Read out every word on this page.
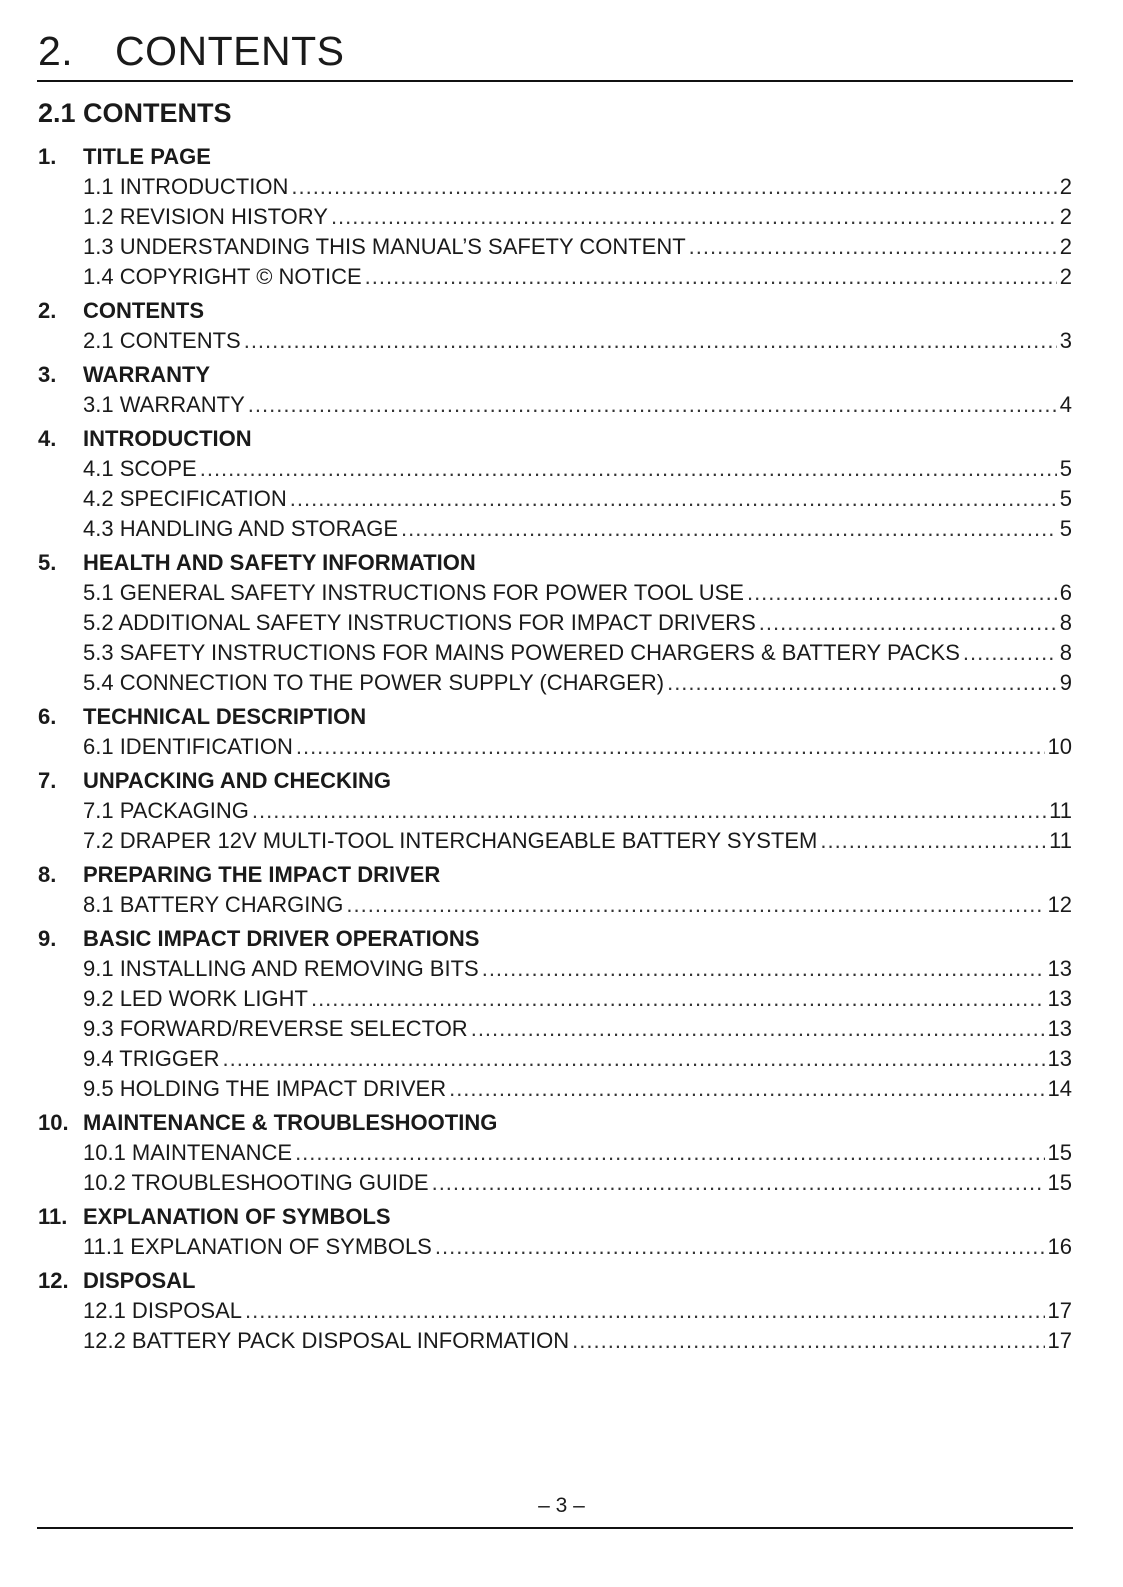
2. CONTENTS
2.1 CONTENTS
1.	TITLE PAGE
1.1 INTRODUCTION .....	2
1.2 REVISION HISTORY .....	2
1.3 UNDERSTANDING THIS MANUAL’S SAFETY CONTENT .....	2
1.4 COPYRIGHT © NOTICE .....	2
2.	CONTENTS
2.1 CONTENTS .....	3
3.	WARRANTY
3.1 WARRANTY .....	4
4.	INTRODUCTION
4.1 SCOPE .....	5
4.2 SPECIFICATION .....	5
4.3 HANDLING AND STORAGE .....	5
5.	HEALTH AND SAFETY INFORMATION
5.1 GENERAL SAFETY INSTRUCTIONS FOR POWER TOOL USE .....	6
5.2 ADDITIONAL SAFETY INSTRUCTIONS FOR IMPACT DRIVERS .....	8
5.3 SAFETY INSTRUCTIONS FOR MAINS POWERED CHARGERS & BATTERY PACKS .....	8
5.4 CONNECTION TO THE POWER SUPPLY (CHARGER) .....	9
6.	TECHNICAL DESCRIPTION
6.1 IDENTIFICATION .....	10
7.	UNPACKING AND CHECKING
7.1 PACKAGING .....	11
7.2 DRAPER 12V MULTI-TOOL INTERCHANGEABLE BATTERY SYSTEM .....	11
8.	PREPARING THE IMPACT DRIVER
8.1 BATTERY CHARGING .....	12
9.	BASIC IMPACT DRIVER OPERATIONS
9.1 INSTALLING AND REMOVING BITS .....	13
9.2 LED WORK LIGHT .....	13
9.3 FORWARD/REVERSE SELECTOR .....	13
9.4 TRIGGER .....	13
9.5 HOLDING THE IMPACT DRIVER .....	14
10. MAINTENANCE & TROUBLESHOOTING
10.1 MAINTENANCE .....	15
10.2 TROUBLESHOOTING GUIDE .....	15
11. EXPLANATION OF SYMBOLS
11.1 EXPLANATION OF SYMBOLS .....	16
12. DISPOSAL
12.1 DISPOSAL .....	17
12.2 BATTERY PACK DISPOSAL INFORMATION .....	17
– 3 –
